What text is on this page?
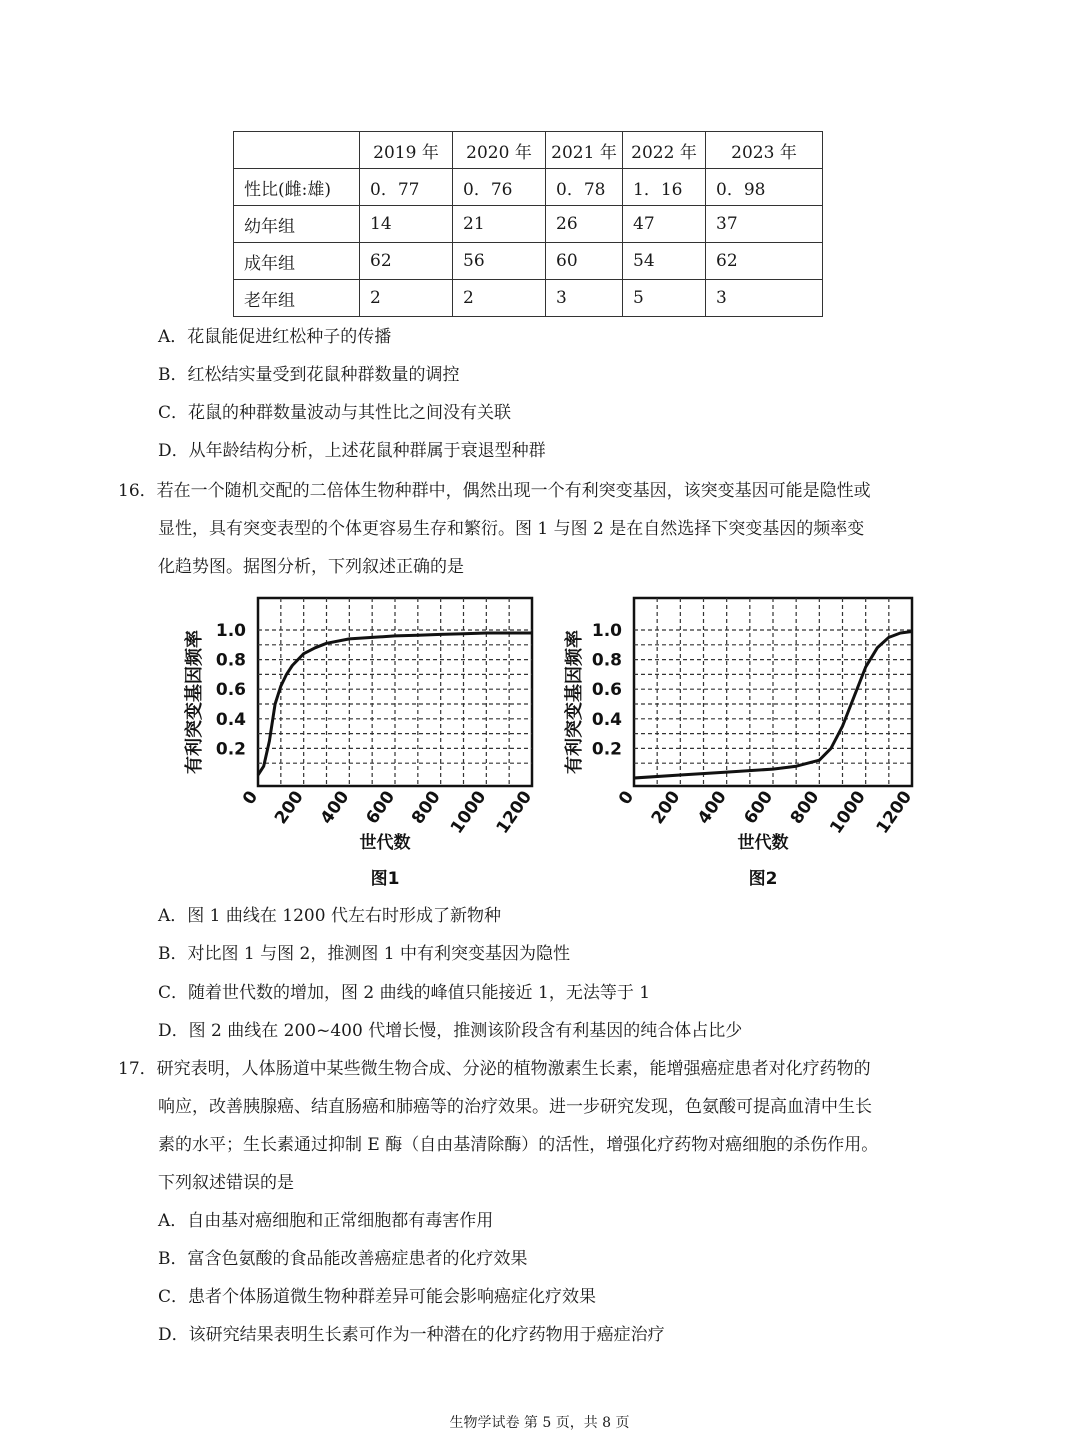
	2019 年	2020 年	2021 年	2022 年	2023 年
性比(雌:雄)	0．77	0．76	0．78	1．16	0．98
幼年组	14	21	26	47	37
成年组	62	56	60	54	62
老年组	2	2	3	5	3
A．花鼠能促进红松种子的传播
B．红松结实量受到花鼠种群数量的调控
C．花鼠的种群数量波动与其性比之间没有关联
D．从年龄结构分析，上述花鼠种群属于衰退型种群
16．若在一个随机交配的二倍体生物种群中，偶然出现一个有利突变基因，该突变基因可能是隐性或
显性，具有突变表型的个体更容易生存和繁衍。图 1 与图 2 是在自然选择下突变基因的频率变
化趋势图。据图分析，下列叙述正确的是
0.2
0.4
0.6
0.8
1.0
0 200 400 600 800 1000 1200
有利突变基因频率
世代数
图1
0.2
0.4
0.6
0.8
1.0
0 200 400 600 800 1000 1200
有利突变基因频率
世代数
图2
A．图 1 曲线在 1200 代左右时形成了新物种
B．对比图 1 与图 2，推测图 1 中有利突变基因为隐性
C．随着世代数的增加，图 2 曲线的峰值只能接近 1，无法等于 1
D．图 2 曲线在 200~400 代增长慢，推测该阶段含有利基因的纯合体占比少
17．研究表明，人体肠道中某些微生物合成、分泌的植物激素生长素，能增强癌症患者对化疗药物的
响应，改善胰腺癌、结直肠癌和肺癌等的治疗效果。进一步研究发现，色氨酸可提高血清中生长
素的水平；生长素通过抑制 E 酶（自由基清除酶）的活性，增强化疗药物对癌细胞的杀伤作用。
下列叙述错误的是
A．自由基对癌细胞和正常细胞都有毒害作用
B．富含色氨酸的食品能改善癌症患者的化疗效果
C．患者个体肠道微生物种群差异可能会影响癌症化疗效果
D．该研究结果表明生长素可作为一种潜在的化疗药物用于癌症治疗
生物学试卷 第 5 页，共 8 页
